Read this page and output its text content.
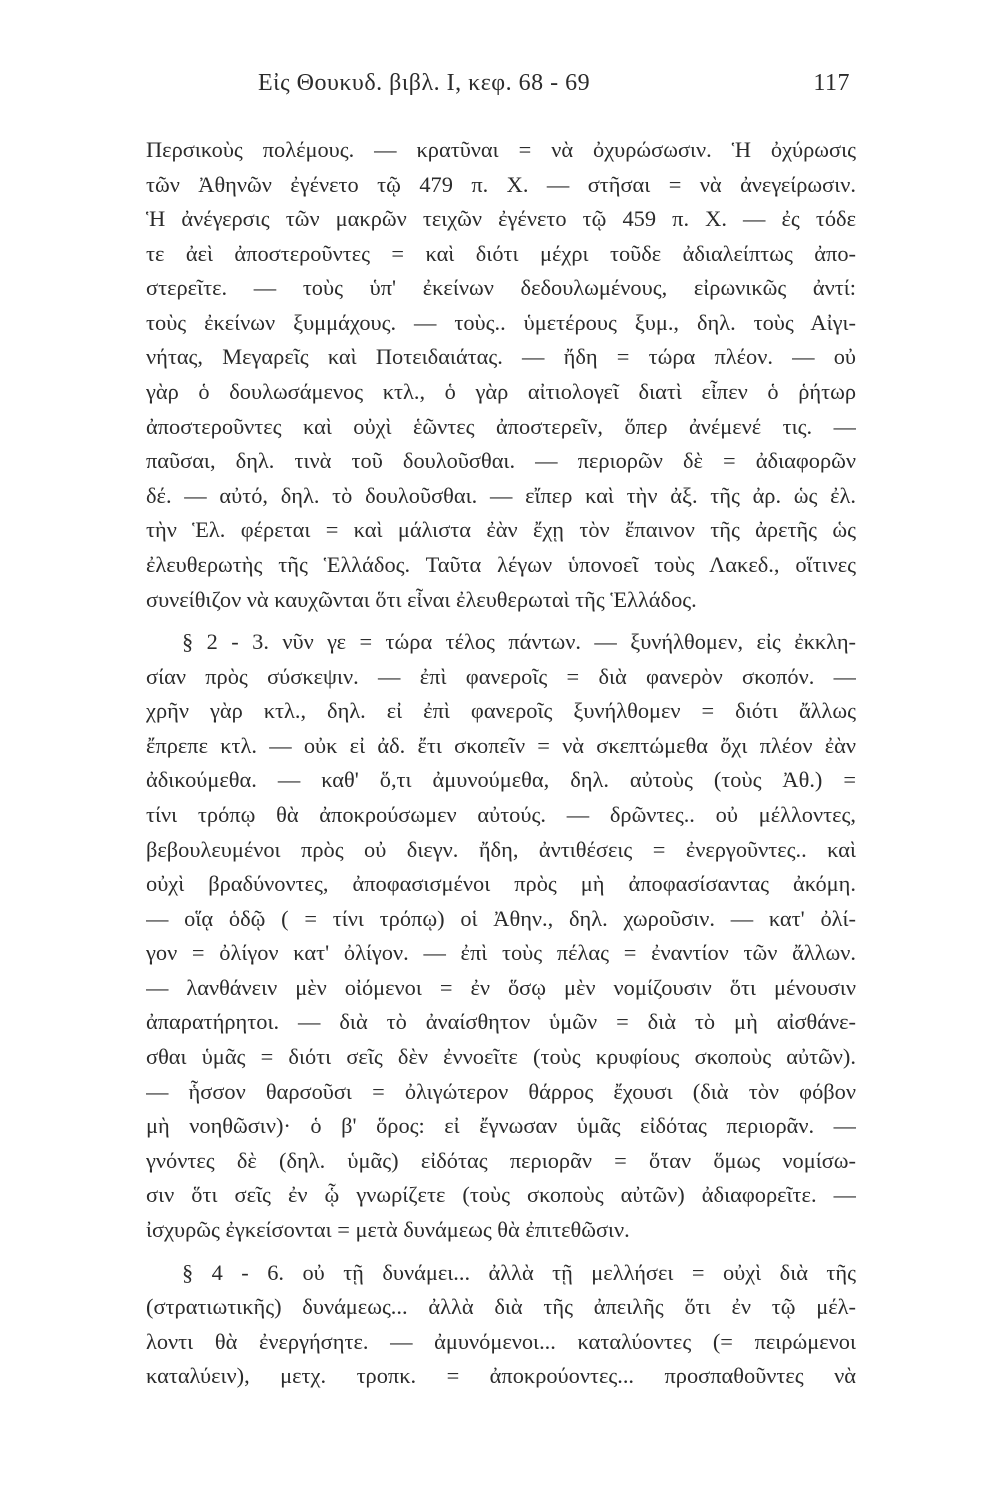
Εἰς Θουκυδ. βιβλ. Ι, κεφ. 68 - 69	117
Περσικοὺς πολέμους. — κρατῦναι = νὰ ὀχυρώσωσιν. Ἡ ὀχύρωσις
τῶν Ἀθηνῶν ἐγένετο τῷ 479 π. Χ. — στῆσαι = νὰ ἀνεγείρωσιν.
Ἡ ἀνέγερσις τῶν μακρῶν τειχῶν ἐγένετο τῷ 459 π. Χ. — ἐς τόδε
τε ἀεὶ ἀποστεροῦντες = καὶ διότι μέχρι τοῦδε ἀδιαλείπτως ἀπο-
στερεῖτε. — τοὺς ὑπ' ἐκείνων δεδουλωμένους, εἰρωνικῶς ἀντί:
τοὺς ἐκείνων ξυμμάχους. — τοὺς.. ὑμετέρους ξυμ., δηλ. τοὺς Αἰγι-
νήτας, Μεγαρεῖς καὶ Ποτειδαιάτας. — ἤδη = τώρα πλέον. — οὐ
γὰρ ὁ δουλωσάμενος κτλ., ὁ γὰρ αἰτιολογεῖ διατὶ εἶπεν ὁ ῥήτωρ
ἀποστεροῦντες καὶ οὐχὶ ἑῶντες ἀποστερεῖν, ὅπερ ἀνέμενέ τις. —
παῦσαι, δηλ. τινὰ τοῦ δουλοῦσθαι. — περιορῶν δὲ = ἀδιαφορῶν
δέ. — αὐτό, δηλ. τὸ δουλοῦσθαι. — εἴπερ καὶ τὴν ἀξ. τῆς ἀρ. ὡς ἐλ.
τὴν Ἑλ. φέρεται = καὶ μάλιστα ἐὰν ἔχῃ τὸν ἔπαινον τῆς ἀρετῆς ὡς
ἐλευθερωτὴς τῆς Ἑλλάδος. Ταῦτα λέγων ὑπονοεῖ τοὺς Λακεδ., οἵτινες
συνείθιζον νὰ καυχῶνται ὅτι εἶναι ἐλευθερωταὶ τῆς Ἑλλάδος.
§ 2 - 3. νῦν γε = τώρα τέλος πάντων. — ξυνήλθομεν, εἰς ἐκκλη-
σίαν πρὸς σύσκεψιν. — ἐπὶ φανεροῖς = διὰ φανερὸν σκοπόν. —
χρῆν γὰρ κτλ., δηλ. εἰ ἐπὶ φανεροῖς ξυνήλθομεν = διότι ἄλλως
ἔπρεπε κτλ. — οὐκ εἰ ἀδ. ἔτι σκοπεῖν = νὰ σκεπτώμεθα ὄχι πλέον ἐὰν
ἀδικούμεθα. — καθ' ὅ,τι ἀμυνούμεθα, δηλ. αὐτοὺς (τοὺς Ἀθ.) =
τίνι τρόπῳ θὰ ἀποκρούσωμεν αὐτούς. — δρῶντες.. οὐ μέλλοντες,
βεβουλευμένοι πρὸς οὐ διεγν. ἤδη, ἀντιθέσεις = ἐνεργοῦντες.. καὶ
οὐχὶ βραδύνοντες, ἀποφασισμένοι πρὸς μὴ ἀποφασίσαντας ἀκόμη.
— οἵᾳ ὁδῷ ( = τίνι τρόπῳ) οἱ Ἀθην., δηλ. χωροῦσιν. — κατ' ὀλί-
γον = ὀλίγον κατ' ὀλίγον. — ἐπὶ τοὺς πέλας = ἐναντίον τῶν ἄλλων.
— λανθάνειν μὲν οἰόμενοι = ἐν ὅσῳ μὲν νομίζουσιν ὅτι μένουσιν
ἀπαρατήρητοι. — διὰ τὸ ἀναίσθητον ὑμῶν = διὰ τὸ μὴ αἰσθάνε-
σθαι ὑμᾶς = διότι σεῖς δὲν ἐννοεῖτε (τοὺς κρυφίους σκοποὺς αὐτῶν).
— ἧσσον θαρσοῦσι = ὀλιγώτερον θάρρος ἔχουσι (διὰ τὸν φόβον
μὴ νοηθῶσιν)· ὁ β' ὅρος: εἰ ἔγνωσαν ὑμᾶς εἰδότας περιορᾶν. —
γνόντες δὲ (δηλ. ὑμᾶς) εἰδότας περιορᾶν = ὅταν ὅμως νομίσω-
σιν ὅτι σεῖς ἐν ᾧ γνωρίζετε (τοὺς σκοποὺς αὐτῶν) ἀδιαφορεῖτε. —
ἰσχυρῶς ἐγκείσονται = μετὰ δυνάμεως θὰ ἐπιτεθῶσιν.
§ 4 - 6. οὐ τῇ δυνάμει... ἀλλὰ τῇ μελλήσει = οὐχὶ διὰ τῆς
(στρατιωτικῆς) δυνάμεως... ἀλλὰ διὰ τῆς ἀπειλῆς ὅτι ἐν τῷ μέλ-
λοντι θὰ ἐνεργήσητε. — ἀμυνόμενοι... καταλύοντες (= πειρώμενοι
καταλύειν), μετχ. τροπκ. = ἀποκρούοντες... προσπαθοῦντες νὰ
